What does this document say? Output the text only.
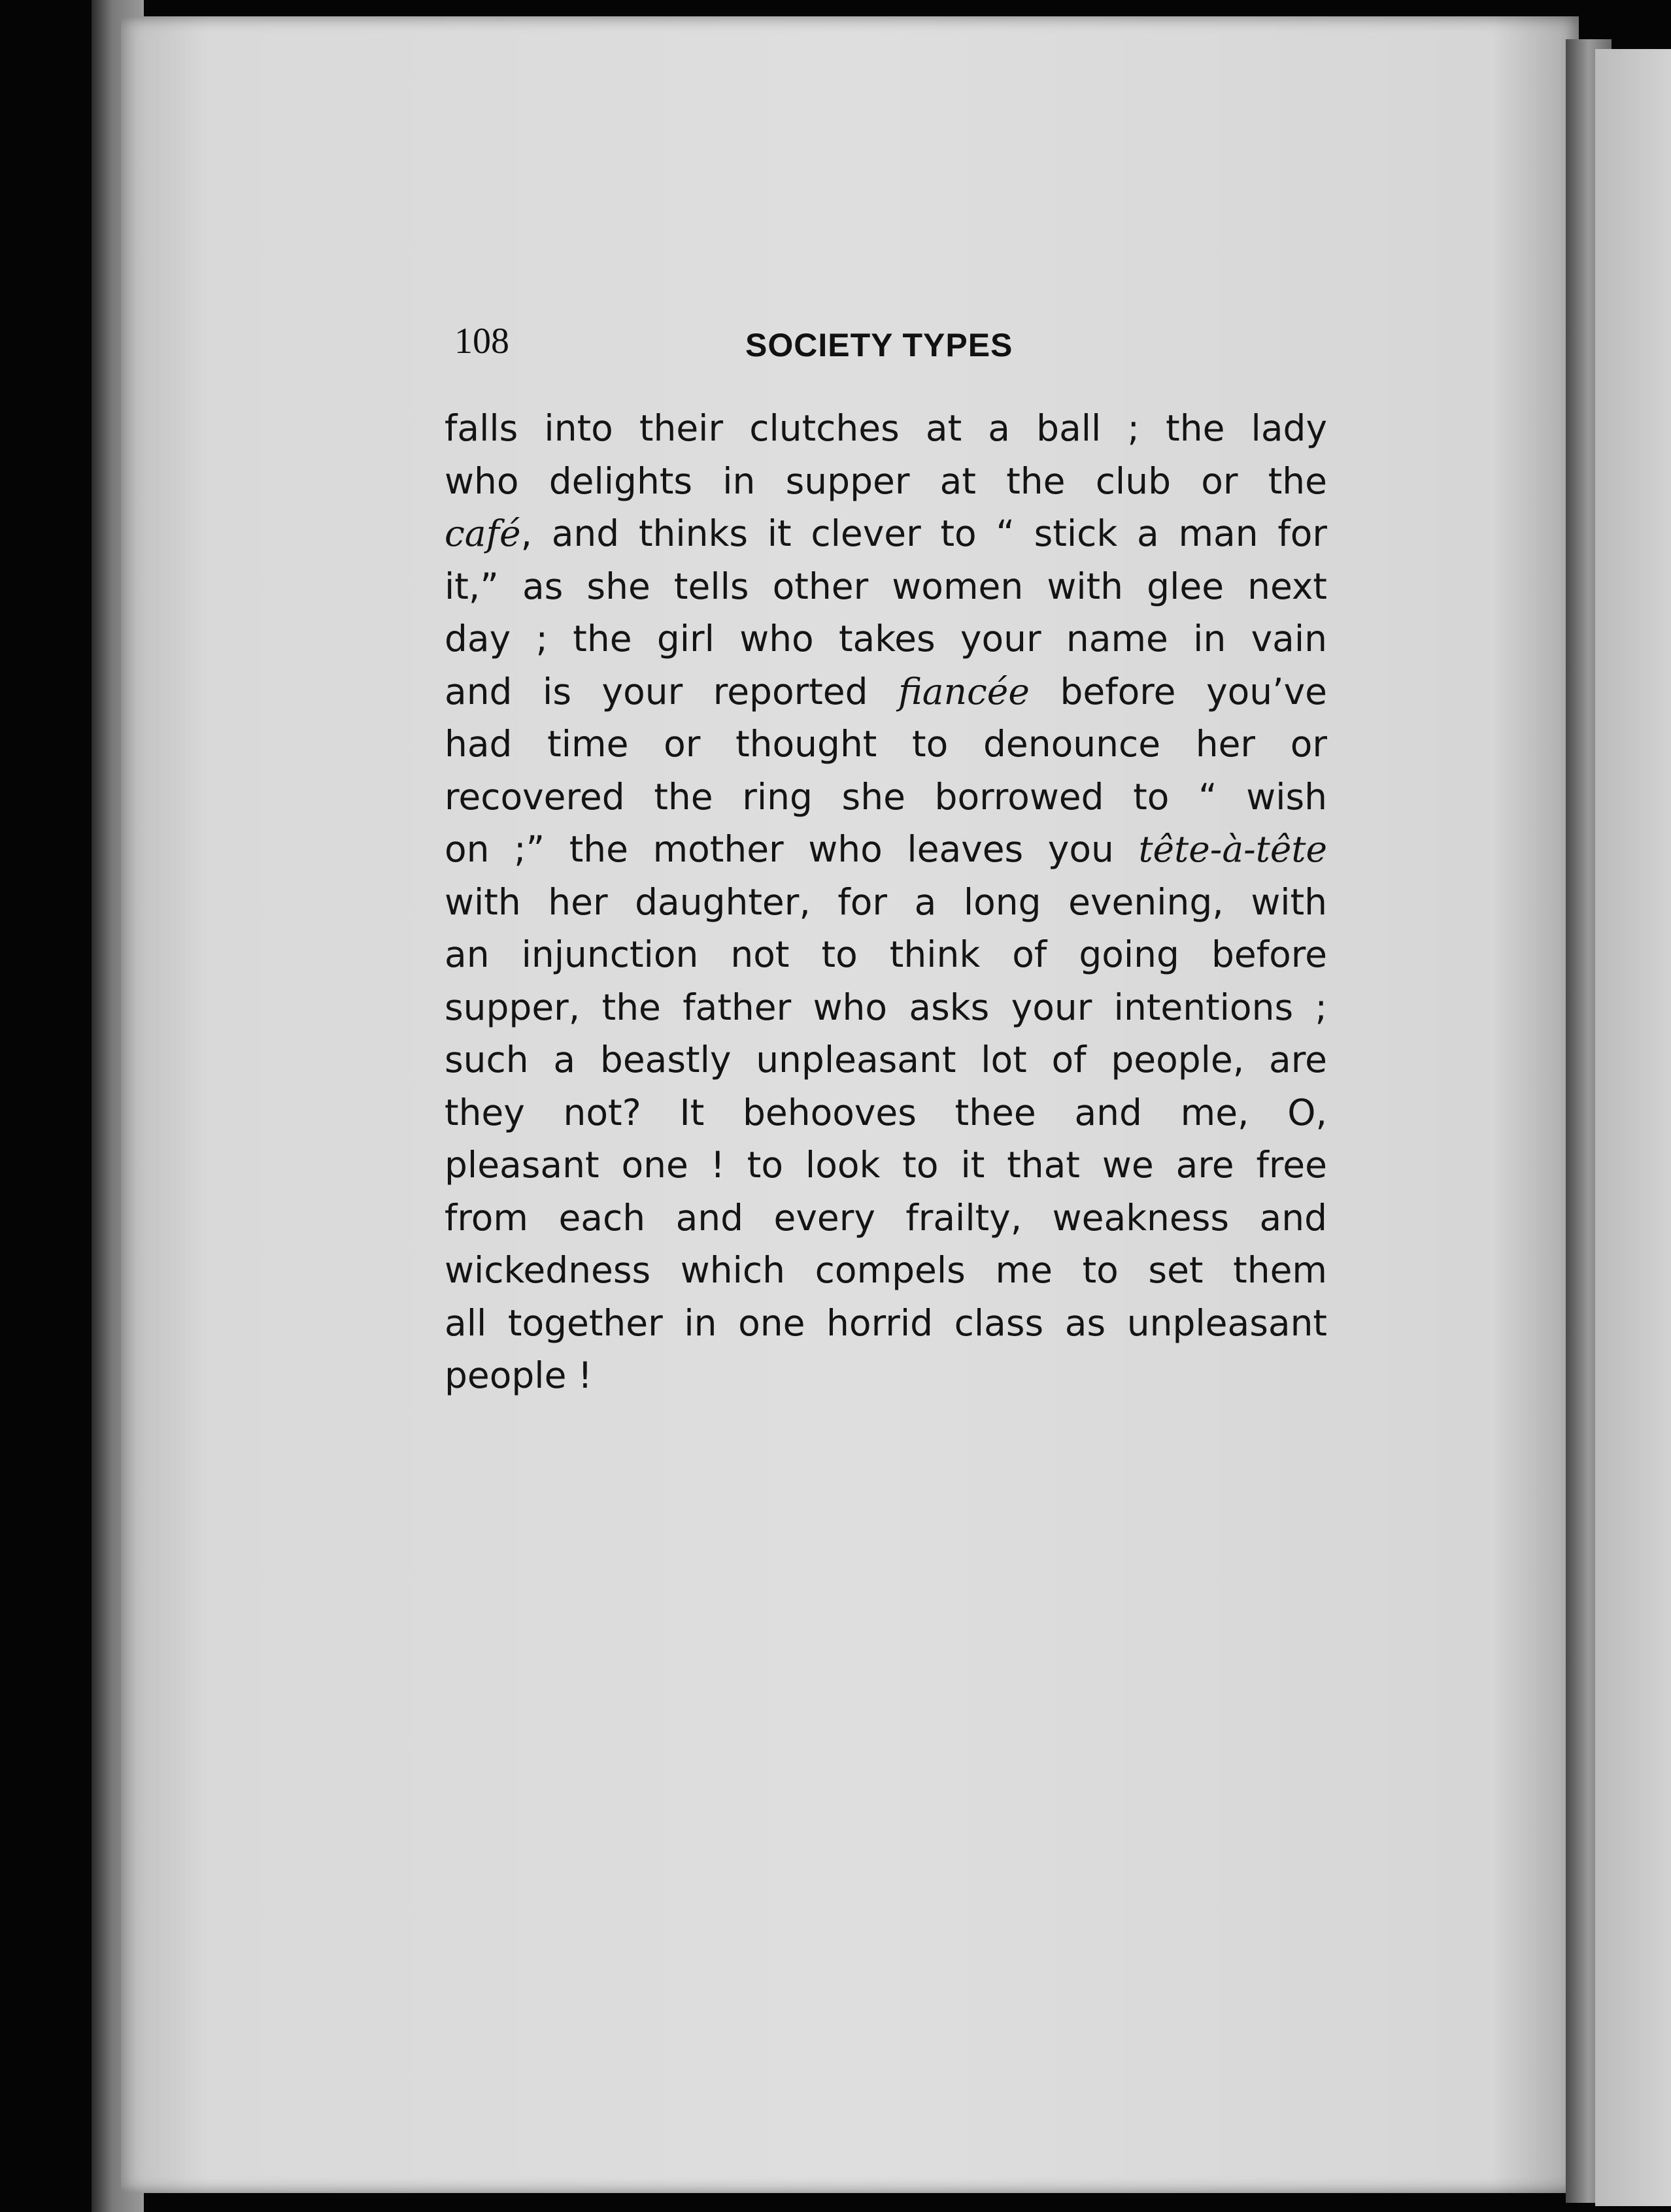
108	SOCIETY TYPES
falls into their clutches at a ball ; the lady
who delights in supper at the club or the
café, and thinks it clever to “ stick a man for
it,” as she tells other women with glee next
day ; the girl who takes your name in vain
and is your reported fiancée before you’ve
had time or thought to denounce her or
recovered the ring she borrowed to “ wish
on ;” the mother who leaves you tête-à-tête
with her daughter, for a long evening, with
an injunction not to think of going before
supper, the father who asks your intentions ;
such a beastly unpleasant lot of people, are
they not? It behooves thee and me, O,
pleasant one ! to look to it that we are free
from each and every frailty, weakness and
wickedness which compels me to set them
all together in one horrid class as unpleasant
people !
